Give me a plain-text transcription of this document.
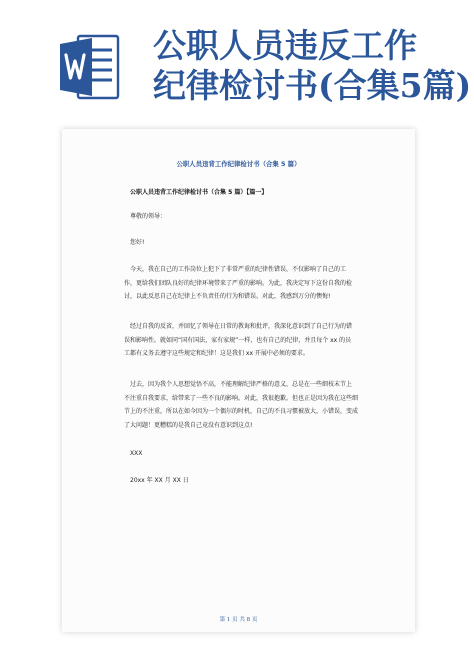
公职人员违反工作
纪律检讨书(合集5篇)
公职人员违背工作纪律检讨书（合集 5 篇）
公职人员违背工作纪律检讨书（合集 5 篇）【篇一】
尊敬的领导：
您好!
今天，我在自己的工作岗位上犯下了非常严重的纪律性错误，不仅影响了自己的工
作，更给我们团队良好的纪律环境带来了严重的影响。为此，我决定写下这份自我的检
讨，以此反思自己在纪律上不负责任的行为和错误。对此，我感到万分的懊悔!
经过自我的反省，并回忆了领导在日常的教诲和批评，我深化意识到了自己行为的错
误和影响性。就如同“国有国法，家有家规”一样，也有自己的纪律，并且每个 xx 的员
工都有义务去遵守这些规定和纪律！这是我们 xx 开展中必须的要求。
过去，因为我个人思想觉悟不高，不能理解纪律严格的意义，总是在一些细枝末节上
不注重自我要求，给带来了一些不良的影响。对此，我很抱歉。但也正是因为我在这些细
节上的不注重，所以在如今因为一个偶尔的时机，自己的不良习惯被放大，小错误，变成
了大问题！更糟糕的是我自己竟没有意识到这点!
XXX
20xx 年 XX 月 XX 日
第 1 页 共 8 页
